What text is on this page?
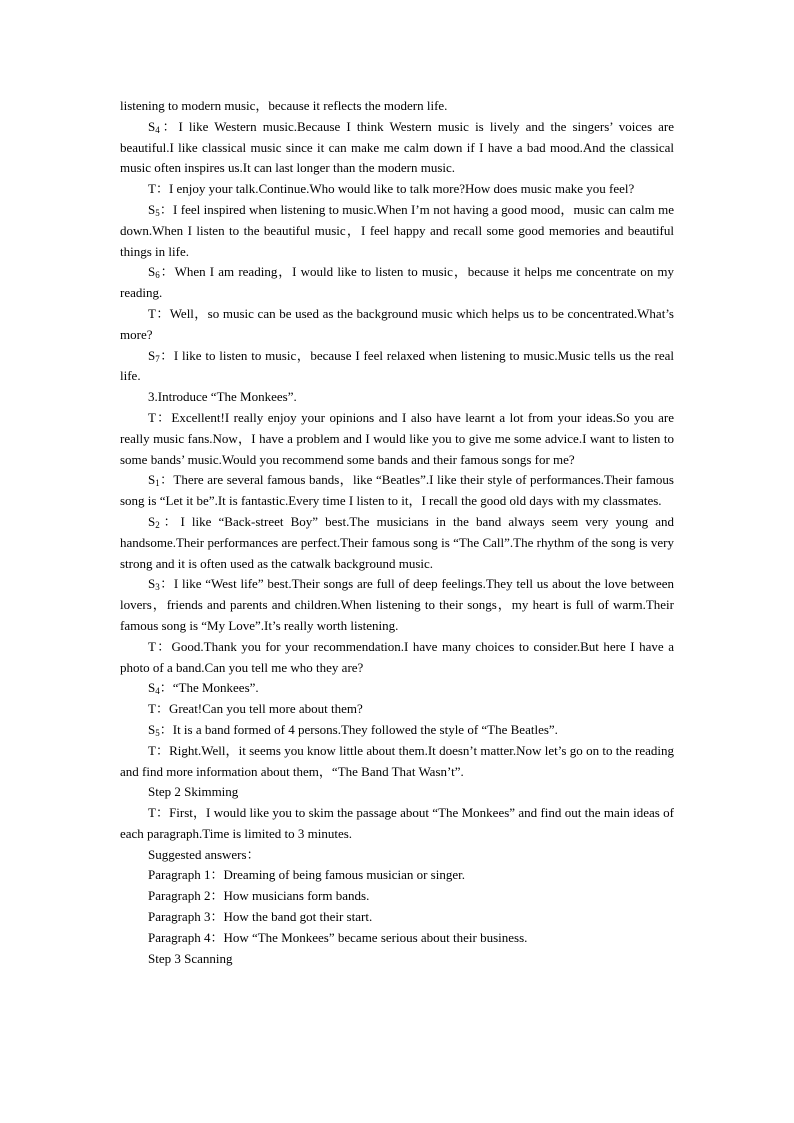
listening to modern music，because it reflects the modern life.

$S_4$：I like Western music.Because I think Western music is lively and the singers’ voices are beautiful.I like classical music since it can make me calm down if I have a bad mood.And the classical music often inspires us.It can last longer than the modern music.

T：I enjoy your talk.Continue.Who would like to talk more?How does music make you feel?

$S_5$：I feel inspired when listening to music.When I’m not having a good mood，music can calm me down.When I listen to the beautiful music，I feel happy and recall some good memories and beautiful things in life.

$S_6$：When I am reading，I would like to listen to music，because it helps me concentrate on my reading.

T：Well，so music can be used as the background music which helps us to be concentrated.What’s more?

$S_7$：I like to listen to music，because I feel relaxed when listening to music.Music tells us the real life.

3.Introduce “The Monkees”.

T：Excellent!I really enjoy your opinions and I also have learnt a lot from your ideas.So you are really music fans.Now，I have a problem and I would like you to give me some advice.I want to listen to some bands’ music.Would you recommend some bands and their famous songs for me?

$S_1$：There are several famous bands，like “Beatles”.I like their style of performances.Their famous song is “Let it be”.It is fantastic.Every time I listen to it，I recall the good old days with my classmates.

$S_2$：I like “Back-street Boy” best.The musicians in the band always seem very young and handsome.Their performances are perfect.Their famous song is “The Call”.The rhythm of the song is very strong and it is often used as the catwalk background music.

$S_3$：I like “West life” best.Their songs are full of deep feelings.They tell us about the love between lovers，friends and parents and children.When listening to their songs，my heart is full of warm.Their famous song is “My Love”.It’s really worth listening.

T：Good.Thank you for your recommendation.I have many choices to consider.But here I have a photo of a band.Can you tell me who they are?

$S_4$：“The Monkees”.

T：Great!Can you tell more about them?

$S_5$：It is a band formed of 4 persons.They followed the style of “The Beatles”.

T：Right.Well，it seems you know little about them.It doesn’t matter.Now let’s go on to the reading and find more information about them，“The Band That Wasn’t”.

Step 2 Skimming

T：First，I would like you to skim the passage about “The Monkees” and find out the main ideas of each paragraph.Time is limited to 3 minutes.

Suggested answers：

Paragraph 1：Dreaming of being famous musician or singer.

Paragraph 2：How musicians form bands.

Paragraph 3：How the band got their start.

Paragraph 4：How “The Monkees” became serious about their business.

Step 3 Scanning
